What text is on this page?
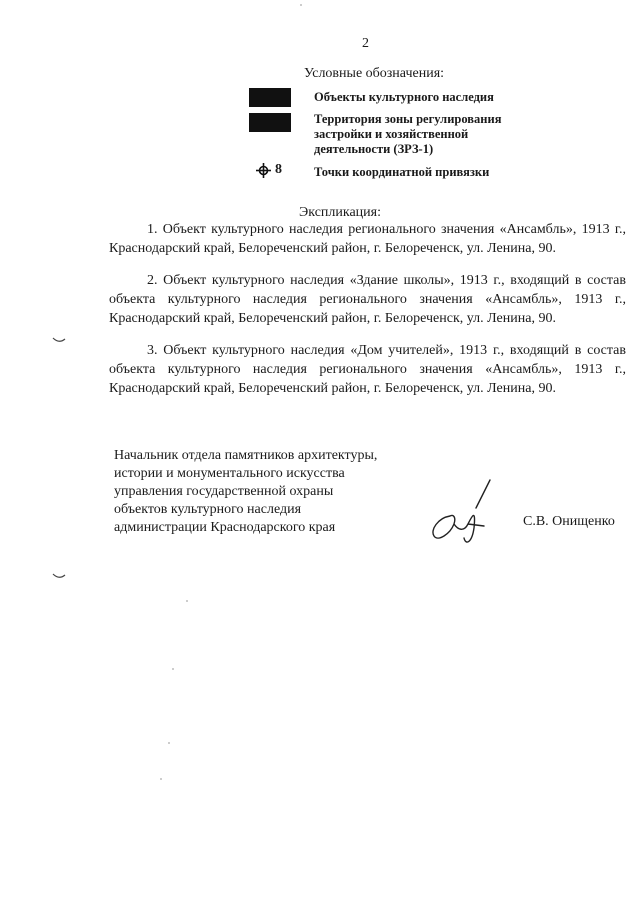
2
Условные обозначения:
Объекты культурного наследия
Территория зоны регулирования застройки и хозяйственной деятельности (ЗРЗ-1)
8	Точки координатной привязки
Экспликация:
1. Объект культурного наследия регионального значения «Ансамбль», 1913 г., Краснодарский край, Белореченский район, г. Белореченск, ул. Ленина, 90.
2. Объект культурного наследия «Здание школы», 1913 г., входящий в состав объекта культурного наследия регионального значения «Ансамбль», 1913 г., Краснодарский край, Белореченский район, г. Белореченск, ул. Ленина, 90.
3. Объект культурного наследия «Дом учителей», 1913 г., входящий в состав объекта культурного наследия регионального значения «Ансамбль», 1913 г., Краснодарский край, Белореченский район, г. Белореченск, ул. Ленина, 90.
Начальник отдела памятников архитектуры,
истории и монументального искусства
управления государственной охраны
объектов культурного наследия
администрации Краснодарского края	С.В. Онищенко
